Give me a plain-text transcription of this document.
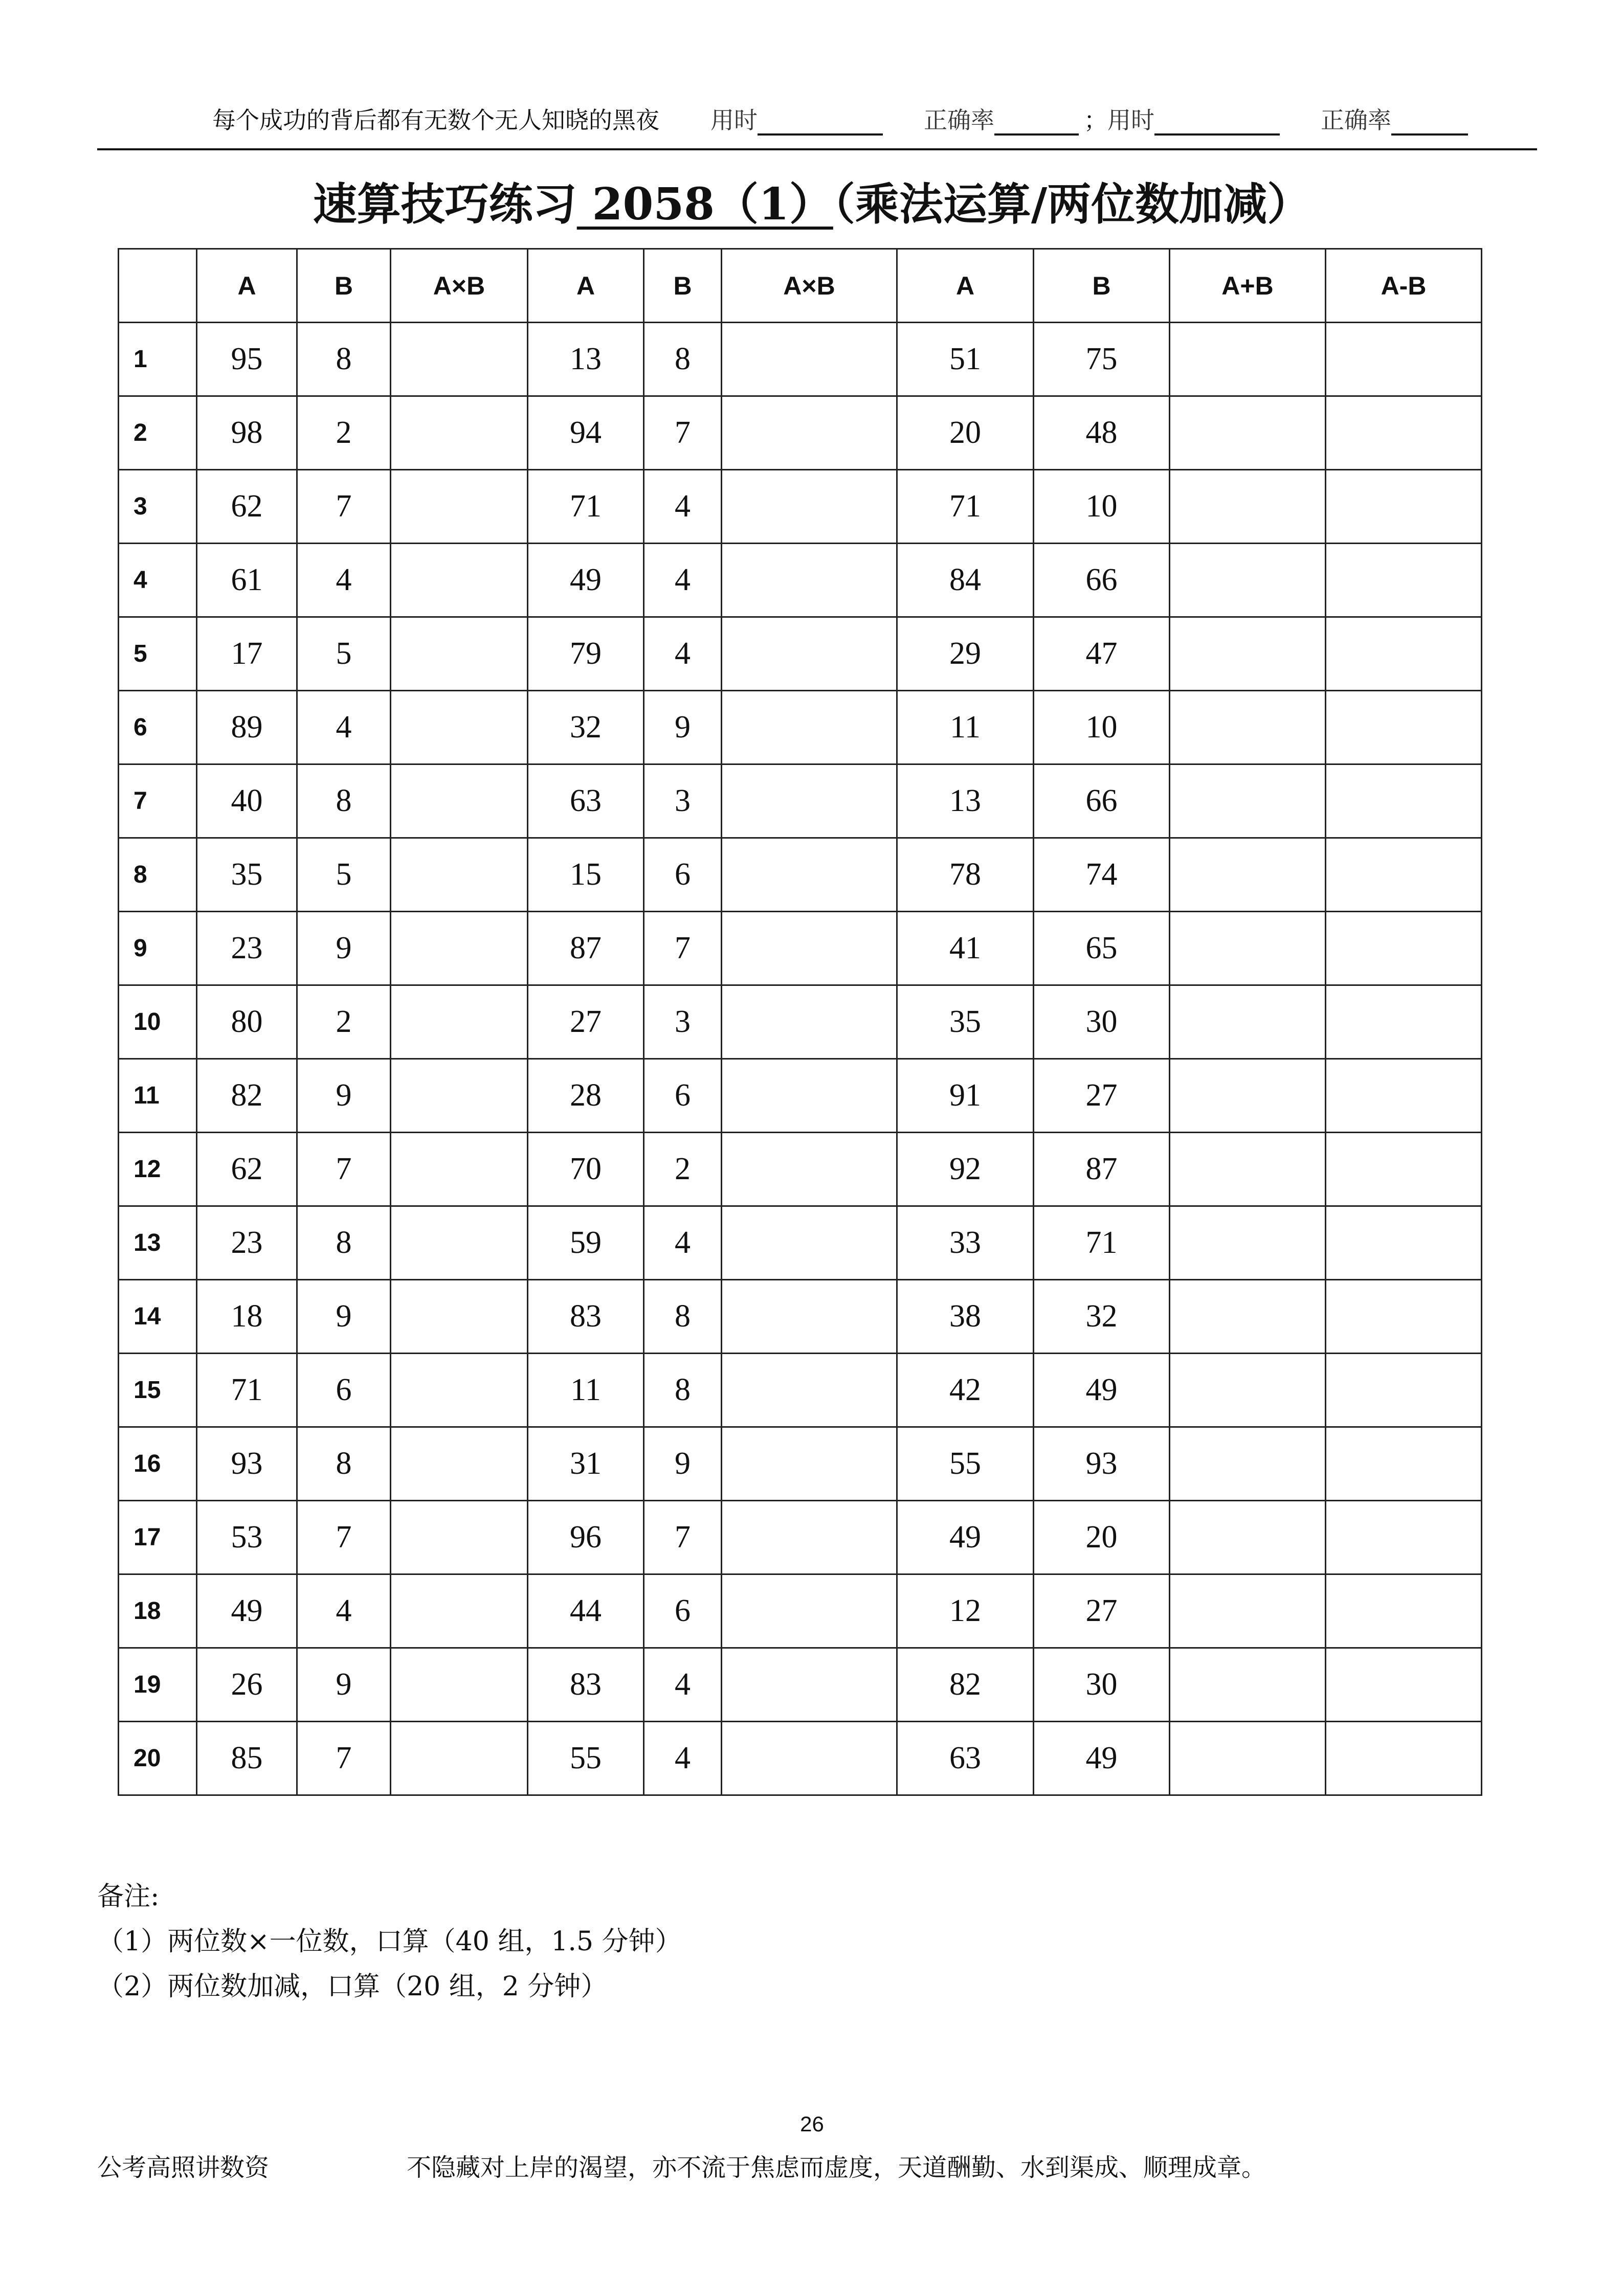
每个成功的背后都有无数个无人知晓的黑夜 用时	正确率	； 用时	正确率
速算技巧练习 2058（1）（乘法运算/两位数加减）
	A	B	A×B	A	B	A×B	A	B	A+B	A-B
1	95	8		13	8		51	75		
2	98	2		94	7		20	48		
3	62	7		71	4		71	10		
4	61	4		49	4		84	66		
5	17	5		79	4		29	47		
6	89	4		32	9		11	10		
7	40	8		63	3		13	66		
8	35	5		15	6		78	74		
9	23	9		87	7		41	65		
10	80	2		27	3		35	30		
11	82	9		28	6		91	27		
12	62	7		70	2		92	87		
13	23	8		59	4		33	71		
14	18	9		83	8		38	32		
15	71	6		11	8		42	49		
16	93	8		31	9		55	93		
17	53	7		96	7		49	20		
18	49	4		44	6		12	27		
19	26	9		83	4		82	30		
20	85	7		55	4		63	49		
备注:
（1）两位数×一位数，口算（40 组，1.5 分钟）
（2）两位数加减，口算（20 组，2 分钟）
26
公考高照讲数资	不隐藏对上岸的渴望，亦不流于焦虑而虚度，天道酬勤、水到渠成、顺理成章。
